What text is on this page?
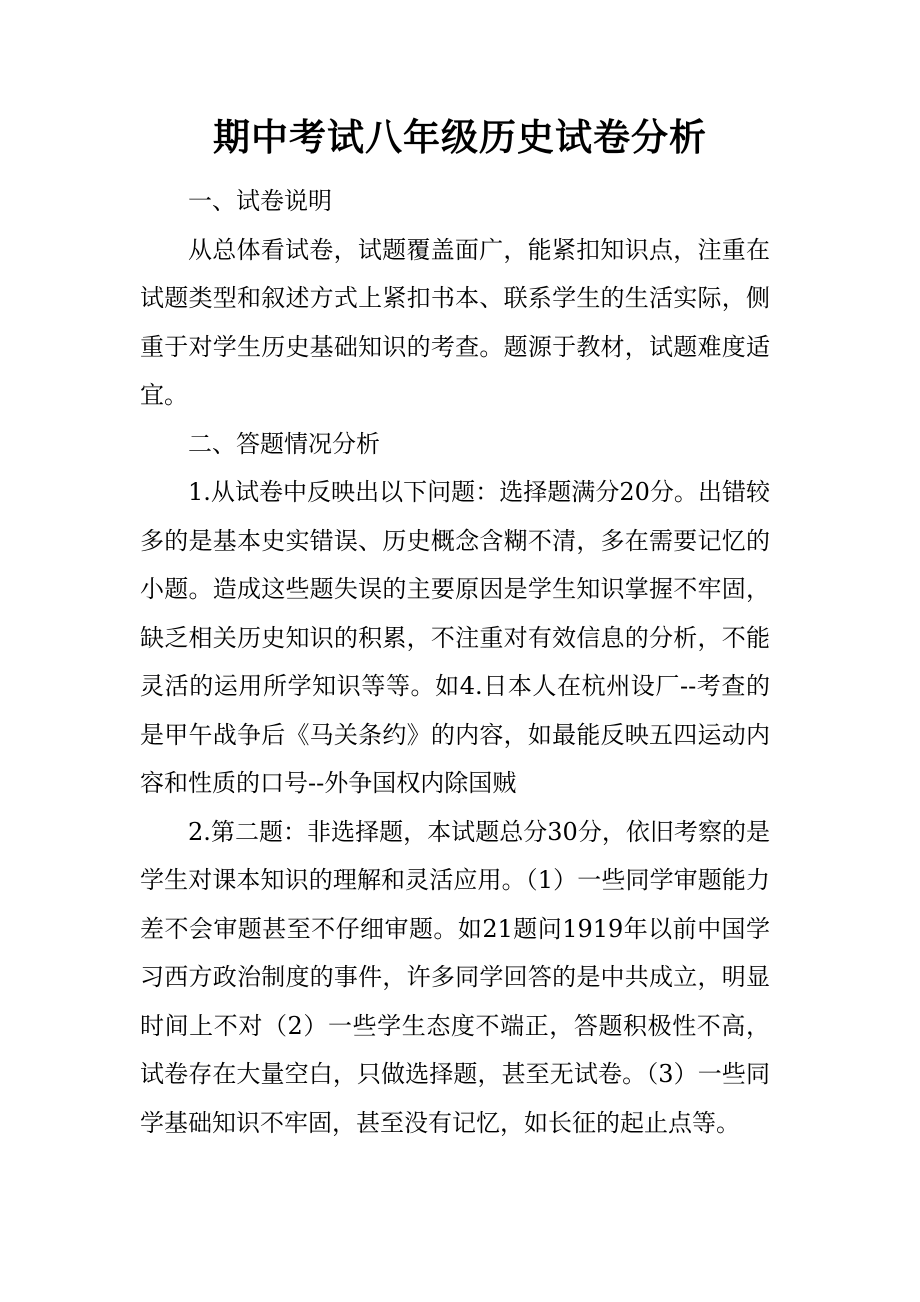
期中考试八年级历史试卷分析

一、试卷说明

从总体看试卷，试题覆盖面广，能紧扣知识点，注重在试题类型和叙述方式上紧扣书本、联系学生的生活实际，侧重于对学生历史基础知识的考查。题源于教材，试题难度适宜。

二、答题情况分析

1.从试卷中反映出以下问题：选择题满分20分。出错较多的是基本史实错误、历史概念含糊不清，多在需要记忆的小题。造成这些题失误的主要原因是学生知识掌握不牢固，缺乏相关历史知识的积累，不注重对有效信息的分析，不能灵活的运用所学知识等等。如4.日本人在杭州设厂--考查的是甲午战争后《马关条约》的内容，如最能反映五四运动内容和性质的口号--外争国权内除国贼

2.第二题：非选择题，本试题总分30分，依旧考察的是学生对课本知识的理解和灵活应用。（1）一些同学审题能力差不会审题甚至不仔细审题。如21题问1919年以前中国学习西方政治制度的事件，许多同学回答的是中共成立，明显时间上不对（2）一些学生态度不端正，答题积极性不高，试卷存在大量空白，只做选择题，甚至无试卷。（3）一些同学基础知识不牢固，甚至没有记忆，如长征的起止点等。
